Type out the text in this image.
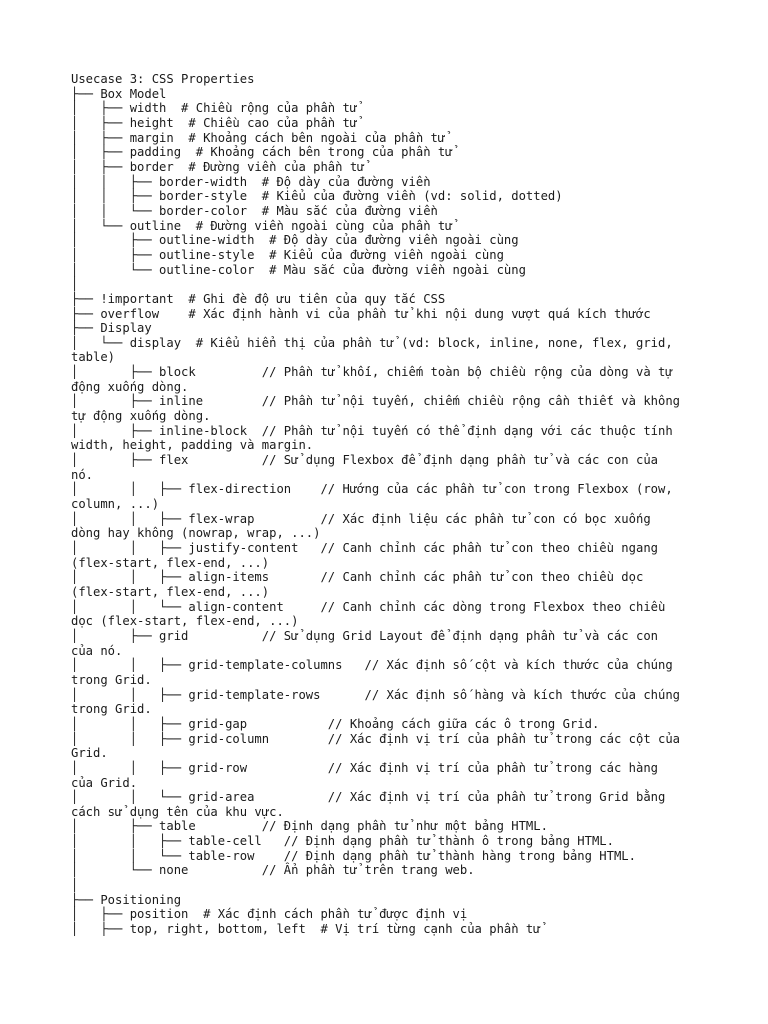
Usecase 3: CSS Properties
├── Box Model
│   ├── width  # Chiều rộng của phần tử
│   ├── height  # Chiều cao của phần tử
│   ├── margin  # Khoảng cách bên ngoài của phần tử
│   ├── padding  # Khoảng cách bên trong của phần tử
│   ├── border  # Đường viền của phần tử
│   │   ├── border-width  # Độ dày của đường viền
│   │   ├── border-style  # Kiểu của đường viền (vd: solid, dotted)
│   │   └── border-color  # Màu sắc của đường viền
│   └── outline  # Đường viền ngoài cùng của phần tử
│       ├── outline-width  # Độ dày của đường viền ngoài cùng
│       ├── outline-style  # Kiểu của đường viền ngoài cùng
│       └── outline-color  # Màu sắc của đường viền ngoài cùng
│
├── !important  # Ghi đè độ ưu tiên của quy tắc CSS
├── overflow    # Xác định hành vi của phần tử khi nội dung vượt quá kích thước
├── Display
│   └── display  # Kiểu hiển thị của phần tử (vd: block, inline, none, flex, grid,
table)
│       ├── block         // Phần tử khối, chiếm toàn bộ chiều rộng của dòng và tự
động xuống dòng.
│       ├── inline        // Phần tử nội tuyến, chiếm chiều rộng cần thiết và không
tự động xuống dòng.
│       ├── inline-block  // Phần tử nội tuyến có thể định dạng với các thuộc tính
width, height, padding và margin.
│       ├── flex          // Sử dụng Flexbox để định dạng phần tử và các con của
nó.
│       │   ├── flex-direction    // Hướng của các phần tử con trong Flexbox (row,
column, ...)
│       │   ├── flex-wrap         // Xác định liệu các phần tử con có bọc xuống
dòng hay không (nowrap, wrap, ...)
│       │   ├── justify-content   // Canh chỉnh các phần tử con theo chiều ngang
(flex-start, flex-end, ...)
│       │   ├── align-items       // Canh chỉnh các phần tử con theo chiều dọc
(flex-start, flex-end, ...)
│       │   └── align-content     // Canh chỉnh các dòng trong Flexbox theo chiều
dọc (flex-start, flex-end, ...)
│       ├── grid          // Sử dụng Grid Layout để định dạng phần tử và các con
của nó.
│       │   ├── grid-template-columns   // Xác định số cột và kích thước của chúng
trong Grid.
│       │   ├── grid-template-rows      // Xác định số hàng và kích thước của chúng
trong Grid.
│       │   ├── grid-gap           // Khoảng cách giữa các ô trong Grid.
│       │   ├── grid-column        // Xác định vị trí của phần tử trong các cột của
Grid.
│       │   ├── grid-row           // Xác định vị trí của phần tử trong các hàng
của Grid.
│       │   └── grid-area          // Xác định vị trí của phần tử trong Grid bằng
cách sử dụng tên của khu vực.
│       ├── table         // Định dạng phần tử như một bảng HTML.
│       │   ├── table-cell   // Định dạng phần tử thành ô trong bảng HTML.
│       │   └── table-row    // Định dạng phần tử thành hàng trong bảng HTML.
│       └── none          // Ẩn phần tử trên trang web.
│
├── Positioning
│   ├── position  # Xác định cách phần tử được định vị
│   ├── top, right, bottom, left  # Vị trí từng cạnh của phần tử
